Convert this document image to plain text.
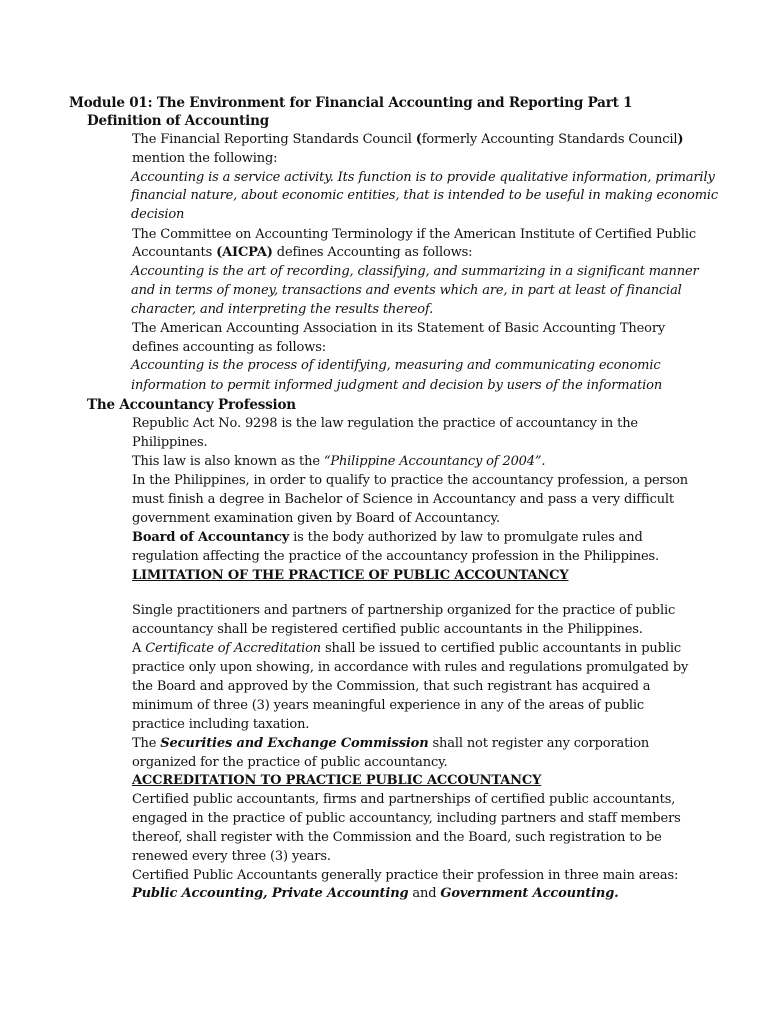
Module 01: The Environment for Financial Accounting and Reporting Part 1
Definition of Accounting
The Financial Reporting Standards Council (formerly Accounting Standards Council)
mention the following:
Accounting is a service activity. Its function is to provide qualitative information, primarily
financial nature, about economic entities, that is intended to be useful in making economic
decision
The Committee on Accounting Terminology if the American Institute of Certified Public
Accountants (AICPA) defines Accounting as follows:
Accounting is the art of recording, classifying, and summarizing in a significant manner
and in terms of money, transactions and events which are, in part at least of financial
character, and interpreting the results thereof.
The American Accounting Association in its Statement of Basic Accounting Theory
defines accounting as follows:
Accounting is the process of identifying, measuring and communicating economic
information to permit informed judgment and decision by users of the information
The Accountancy Profession
Republic Act No. 9298 is the law regulation the practice of accountancy in the
Philippines.
This law is also known as the “Philippine Accountancy of 2004”.
In the Philippines, in order to qualify to practice the accountancy profession, a person
must finish a degree in Bachelor of Science in Accountancy and pass a very difficult
government examination given by Board of Accountancy.
Board of Accountancy is the body authorized by law to promulgate rules and
regulation affecting the practice of the accountancy profession in the Philippines.
LIMITATION OF THE PRACTICE OF PUBLIC ACCOUNTANCY
Single practitioners and partners of partnership organized for the practice of public
accountancy shall be registered certified public accountants in the Philippines.
A Certificate of Accreditation shall be issued to certified public accountants in public
practice only upon showing, in accordance with rules and regulations promulgated by
the Board and approved by the Commission, that such registrant has acquired a
minimum of three (3) years meaningful experience in any of the areas of public
practice including taxation.
The Securities and Exchange Commission shall not register any corporation
organized for the practice of public accountancy.
ACCREDITATION TO PRACTICE PUBLIC ACCOUNTANCY
Certified public accountants, firms and partnerships of certified public accountants,
engaged in the practice of public accountancy, including partners and staff members
thereof, shall register with the Commission and the Board, such registration to be
renewed every three (3) years.
Certified Public Accountants generally practice their profession in three main areas:
Public Accounting, Private Accounting and Government Accounting.
